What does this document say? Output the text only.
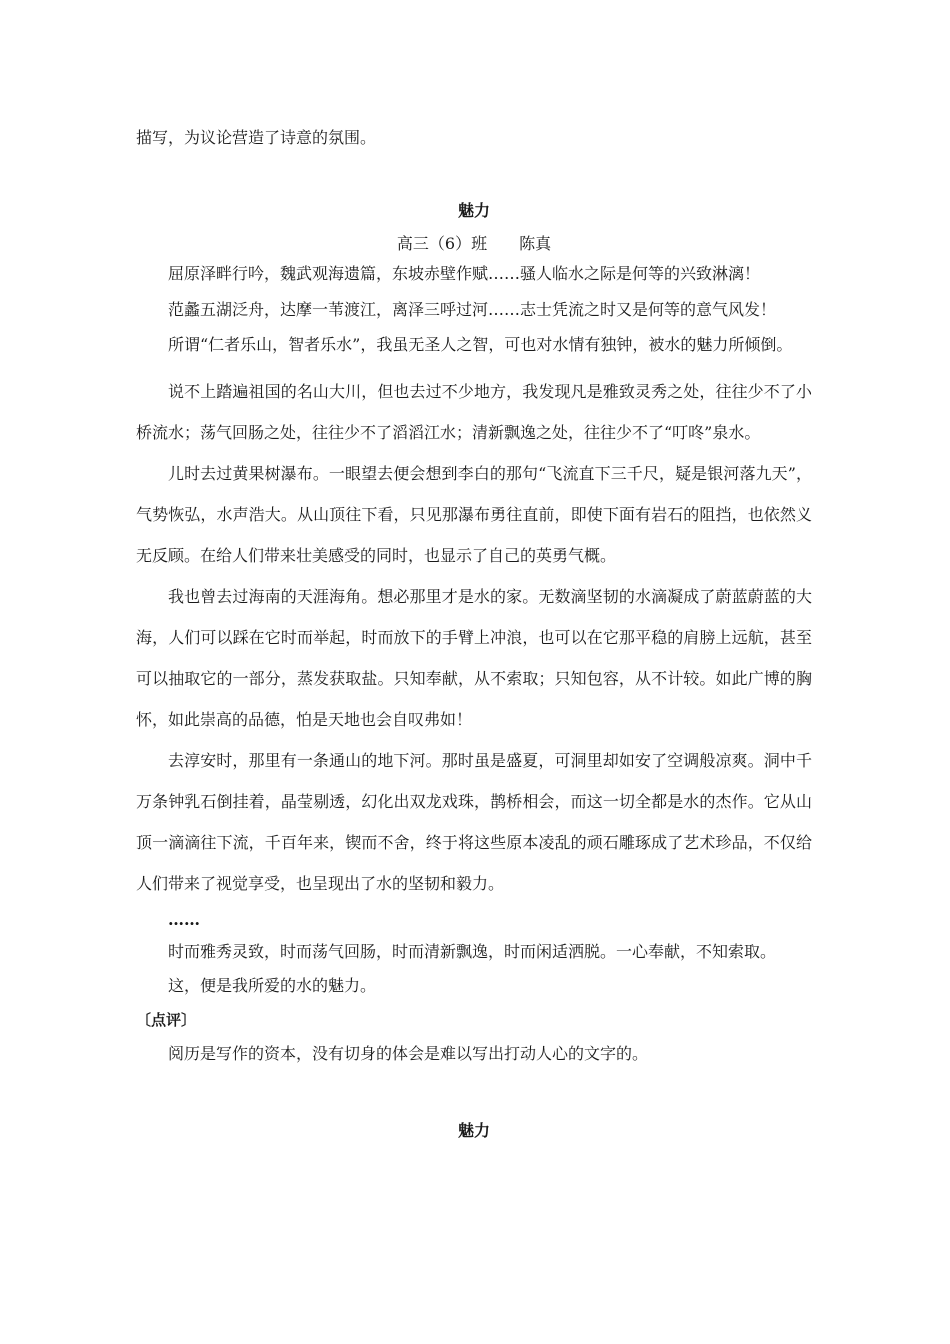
描写，为议论营造了诗意的氛围。

魅力

高三（6）班　　陈真

屈原泽畔行吟，魏武观海遗篇，东坡赤壁作赋……骚人临水之际是何等的兴致淋漓！

范蠡五湖泛舟，达摩一苇渡江，离泽三呼过河……志士凭流之时又是何等的意气风发！

所谓“仁者乐山，智者乐水”，我虽无圣人之智，可也对水情有独钟，被水的魅力所倾倒。

说不上踏遍祖国的名山大川，但也去过不少地方，我发现凡是雅致灵秀之处，往往少不了小桥流水；荡气回肠之处，往往少不了滔滔江水；清新飘逸之处，往往少不了“叮咚”泉水。

儿时去过黄果树瀑布。一眼望去便会想到李白的那句“飞流直下三千尺，疑是银河落九天”，气势恢弘，水声浩大。从山顶往下看，只见那瀑布勇往直前，即使下面有岩石的阻挡，也依然义无反顾。在给人们带来壮美感受的同时，也显示了自己的英勇气概。

我也曾去过海南的天涯海角。想必那里才是水的家。无数滴坚韧的水滴凝成了蔚蓝蔚蓝的大海，人们可以踩在它时而举起，时而放下的手臂上冲浪，也可以在它那平稳的肩膀上远航，甚至可以抽取它的一部分，蒸发获取盐。只知奉献，从不索取；只知包容，从不计较。如此广博的胸怀，如此崇高的品德，怕是天地也会自叹弗如！

去淳安时，那里有一条通山的地下河。那时虽是盛夏，可洞里却如安了空调般凉爽。洞中千万条钟乳石倒挂着，晶莹剔透，幻化出双龙戏珠，鹊桥相会，而这一切全都是水的杰作。它从山顶一滴滴往下流，千百年来，锲而不舍，终于将这些原本凌乱的顽石雕琢成了艺术珍品，不仅给人们带来了视觉享受，也呈现出了水的坚韧和毅力。

……

时而雅秀灵致，时而荡气回肠，时而清新飘逸，时而闲适洒脱。一心奉献，不知索取。

这，便是我所爱的水的魅力。

〔点评〕

阅历是写作的资本，没有切身的体会是难以写出打动人心的文字的。

魅力
